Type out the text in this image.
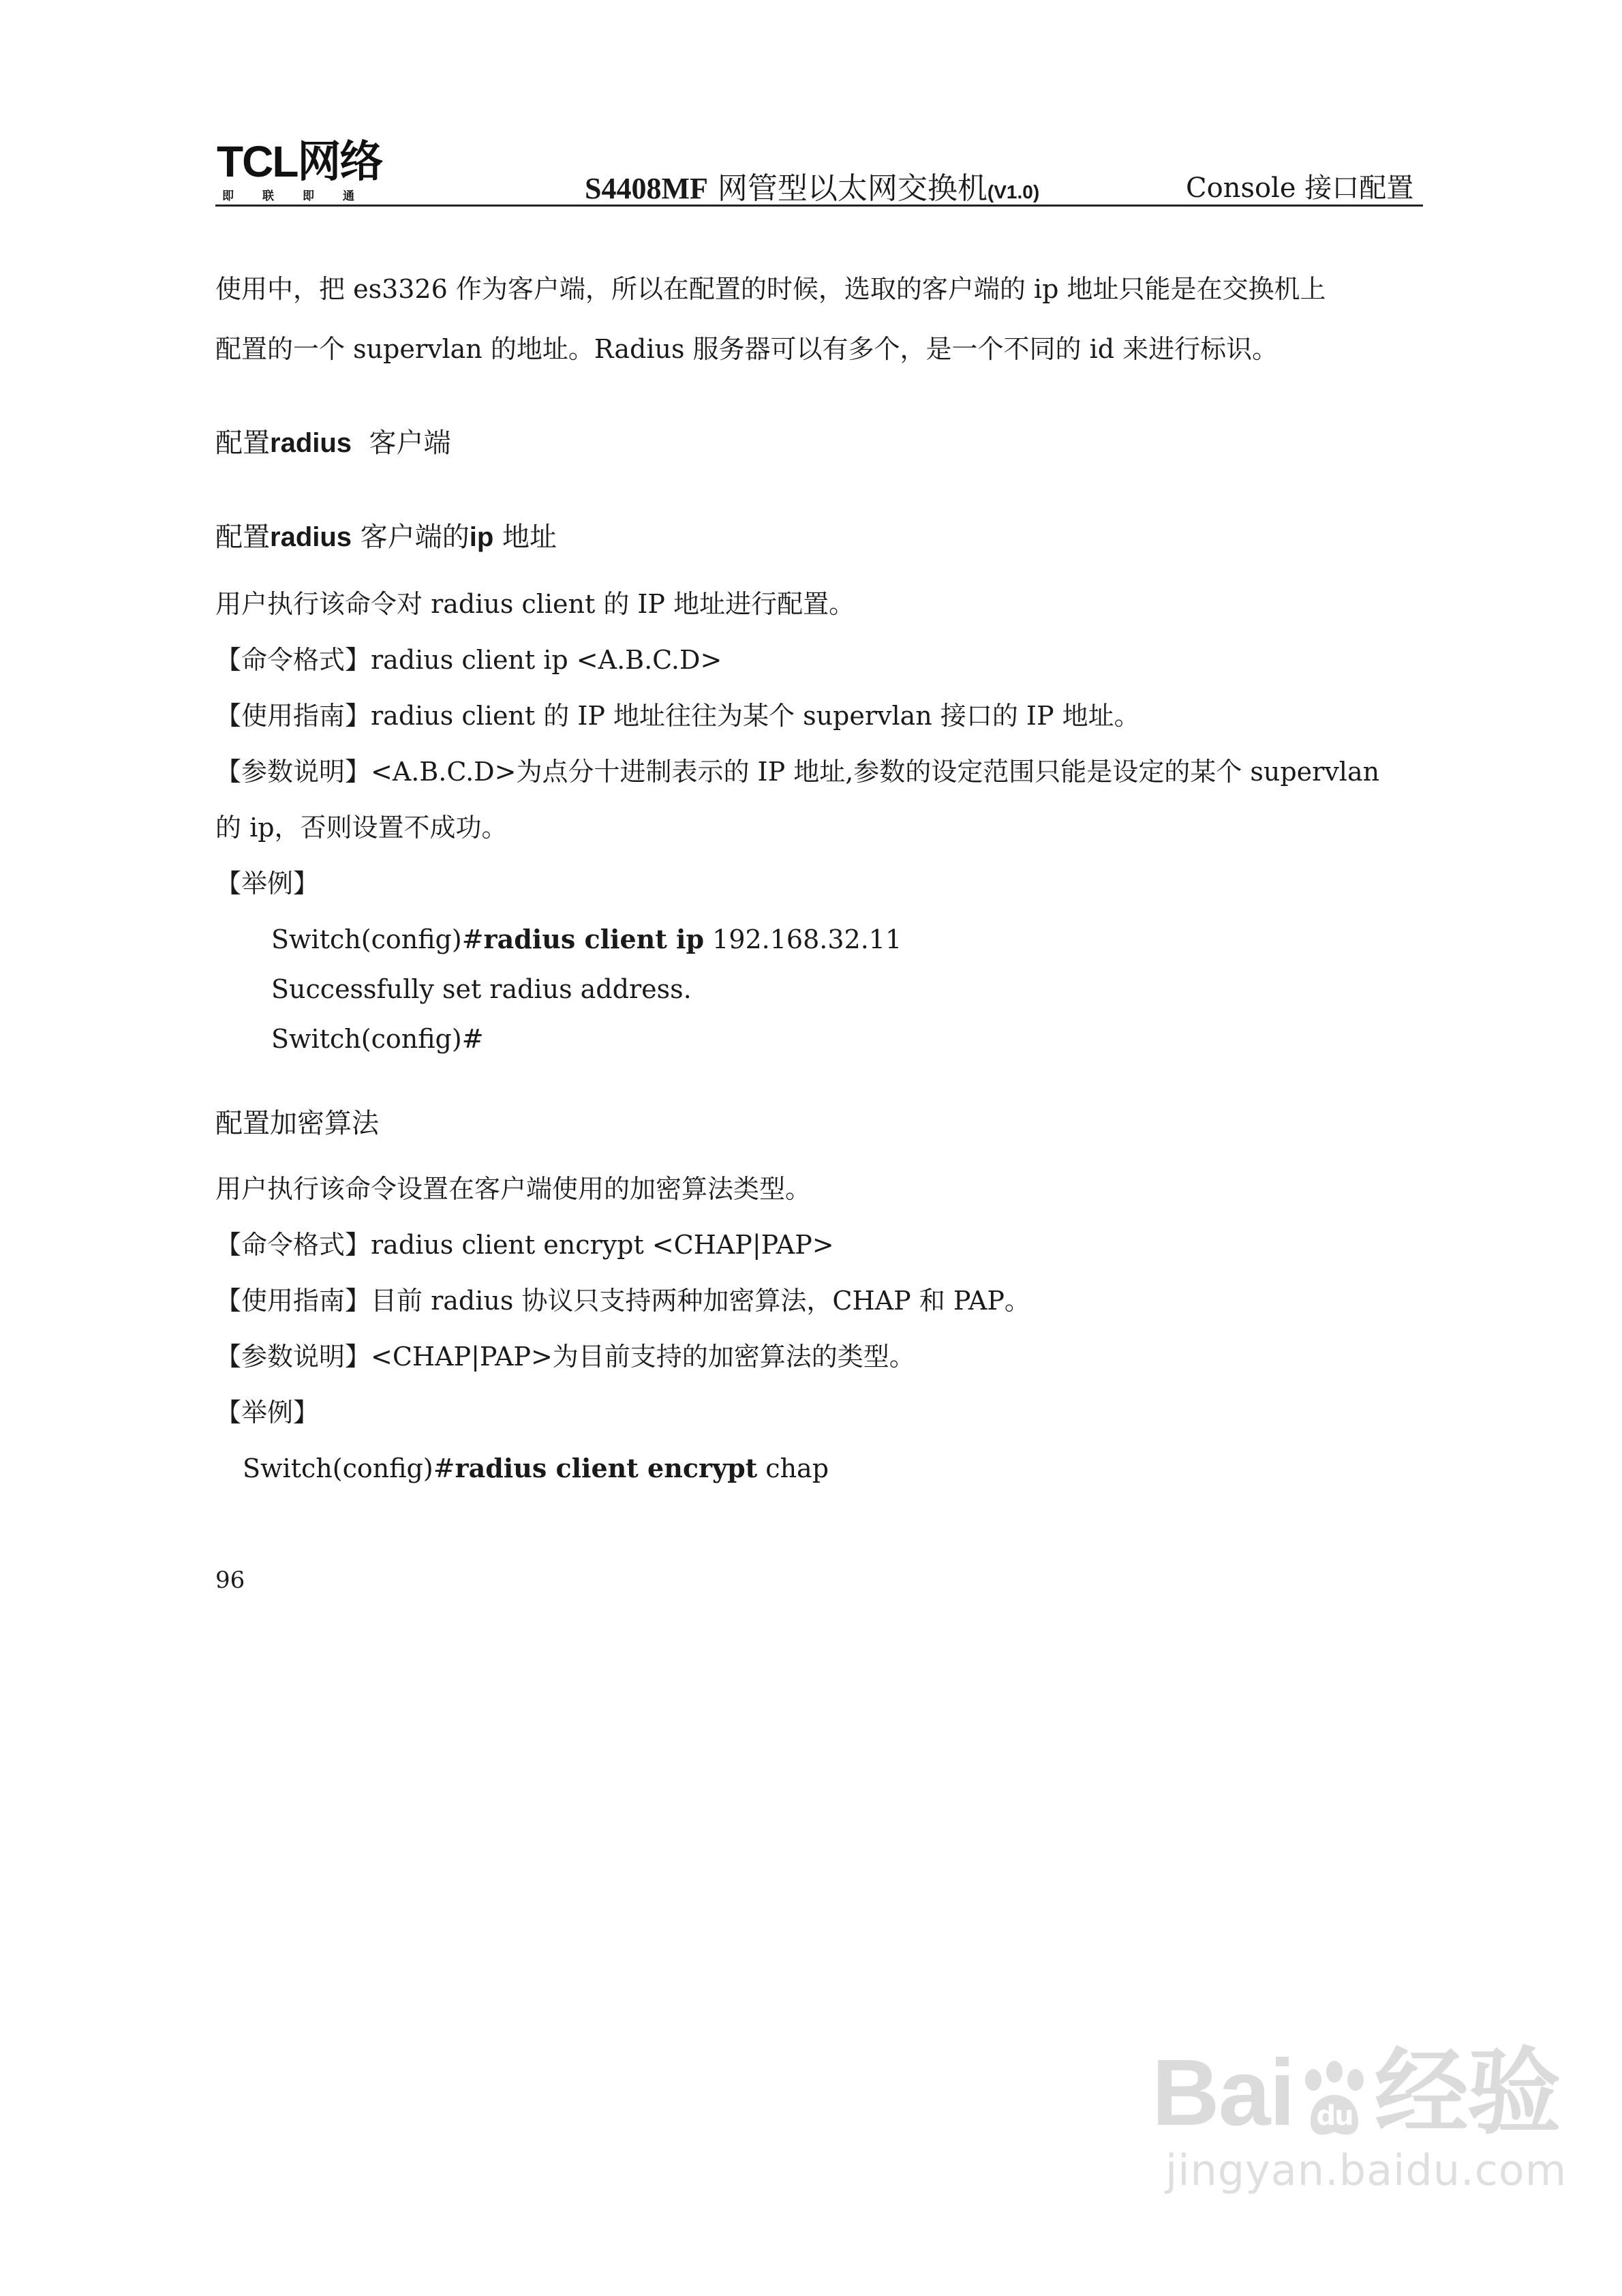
TCL网络
即联即通	S4408MF 网管型以太网交换机(V1.0)	Console 接口配置
使用中，把 es3326 作为客户端，所以在配置的时候，选取的客户端的 ip 地址只能是在交换机上
配置的一个 supervlan 的地址。Radius 服务器可以有多个，是一个不同的 id 来进行标识。
配置radius 客户端
配置radius 客户端的ip 地址
用户执行该命令对 radius client 的 IP 地址进行配置。
【命令格式】radius client ip <A.B.C.D>
【使用指南】radius client 的 IP 地址往往为某个 supervlan 接口的 IP 地址。
【参数说明】<A.B.C.D>为点分十进制表示的 IP 地址,参数的设定范围只能是设定的某个 supervlan
的 ip，否则设置不成功。
【举例】
Switch(config)#radius client ip 192.168.32.11
Successfully set radius address.
Switch(config)#
配置加密算法
用户执行该命令设置在客户端使用的加密算法类型。
【命令格式】radius client encrypt <CHAP|PAP>
【使用指南】目前 radius 协议只支持两种加密算法，CHAP 和 PAP。
【参数说明】<CHAP|PAP>为目前支持的加密算法的类型。
【举例】
Switch(config)#radius client encrypt chap
96
Bai du 经验
jingyan.baidu.com
